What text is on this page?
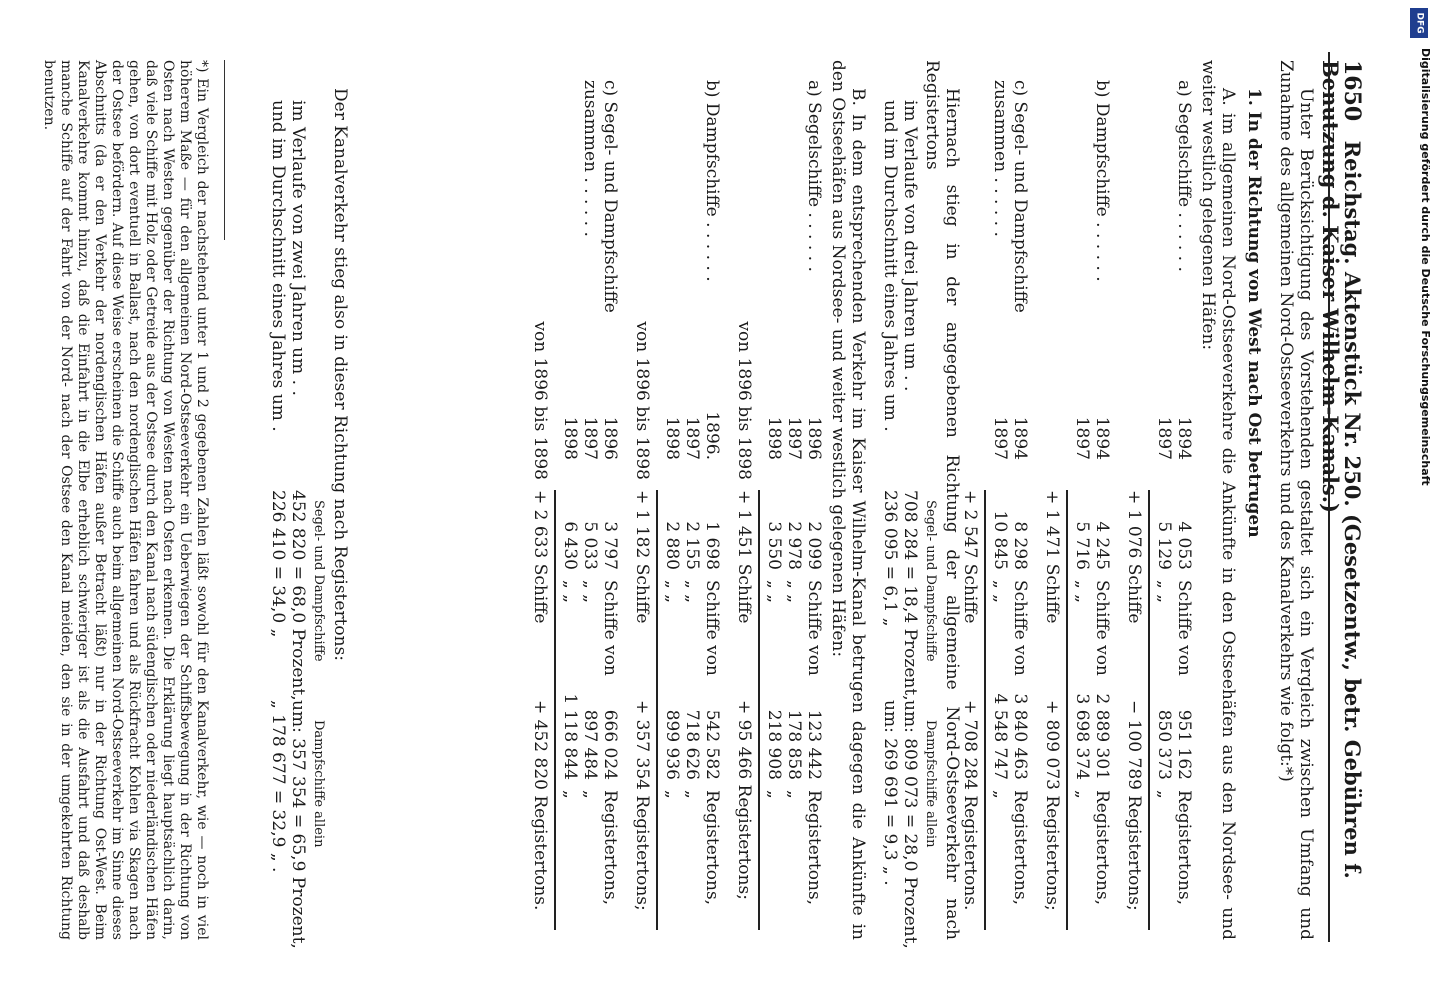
1650 Reichstag. Aktenstück Nr. 250. (Gesetzentw., betr. Gebühren f. Benutzung d. Kaiser Wilhelm-Kanals.)

Unter Berücksichtigung des Vorstehenden gestaltet sich ein Vergleich zwischen Umfang und Zunahme des allgemeinen Nord-Ostseeverkehrs und des Kanalverkehrs wie folgt:*)

1. In der Richtung von West nach Ost betrugen

A. im allgemeinen Nord-Ostseeverkehre die Ankünfte in den Ostseehäfen aus den Nordsee- und weiter westlich gelegenen Häfen:

a) Segelschiffe . . . . . .
1894
4 053
Schiffe von
951 162
Registertons,
1897
5 129
„ „
850 373
„
+ 1 076 Schiffe
− 100 789 Registertons;
b) Dampfschiffe . . . . . .
1894
4 245
Schiffe von
2 889 301
Registertons,
1897
5 716
„ „
3 698 374
„
+ 1 471 Schiffe
+ 809 073 Registertons;
c) Segel- und Dampfschiffe zusammen . . . . . .
1894
8 298
Schiffe von
3 840 463
Registertons,
1897
10 845
„ „
4 548 747
„
+ 2 547 Schiffe
+ 708 284 Registertons.

Hiernach stieg in der angegebenen Richtung der allgemeine Nord-Ostseeverkehr nach Registertons

Segel- und Dampfschiffe
Dampfschiffe allein
im Verlaufe von drei Jahren um . .
708 284 = 18,4 Prozent,
um: 809 073 = 28,0 Prozent,
und im Durchschnitt eines Jahres um .
236 095 = 6,1 „
um: 269 691 = 9,3 „ .

B. In dem entsprechenden Verkehr im Kaiser Wilhelm-Kanal betrugen dagegen die Ankünfte in den Ostseehäfen aus Nordsee- und weiter westlich gelegenen Häfen:

a) Segelschiffe . . . . . .
1896
2 099
Schiffe von
123 442
Registertons,
1897
2 978
„ „
178 858
„
1898
3 550
„ „
218 908
„
von 1896 bis 1898
+ 1 451 Schiffe
+ 95 466 Registertons;
b) Dampfschiffe . . . . . .
1896.
1 698
Schiffe von
542 582
Registertons,
1897
2 155
„ „
718 626
„
1898
2 880
„ „
899 936
„
von 1896 bis 1898
+ 1 182 Schiffe
+ 357 354 Registertons;
c) Segel- und Dampfschiffe zusammen . . . . . .
1896
3 797
Schiffe von
666 024
Registertons,
1897
5 033
„ „
897 484
„
1898
6 430
„ „
1 118 844
„
von 1896 bis 1898
+ 2 633 Schiffe
+ 452 820 Registertons.

Der Kanalverkehr stieg also in dieser Richtung nach Registertons:

Segel- und Dampfschiffe
Dampfschiffe allein
im Verlaufe von zwei Jahren um . .
452 820 = 68,0 Prozent,
um: 357 354 = 65,9 Prozent,
und im Durchschnitt eines Jahres um .
226 410 = 34,0 „
„ 178 677 = 32,9 „ .
*) Ein Vergleich der nachstehend unter 1 und 2 gegebenen Zahlen läßt sowohl für den Kanalverkehr, wie — noch in viel höherem Maße — für den allgemeinen Nord-Ostseeverkehr ein Ueberwiegen der Schiffsbewegung in der Richtung von Osten nach Westen gegenüber der Richtung von Westen nach Osten erkennen. Die Erklärung liegt hauptsächlich darin, daß viele Schiffe mit Holz oder Getreide aus der Ostsee durch den Kanal nach südenglischen oder niederländischen Häfen gehen, von dort eventuell in Ballast, nach den nordenglischen Häfen fahren und als Rückfracht Kohlen via Skagen nach der Ostsee befördern. Auf diese Weise erscheinen die Schiffe auch beim allgemeinen Nord-Ostseeverkehr im Sinne dieses Abschnitts (da er den Verkehr der nordenglischen Häfen außer Betracht läßt) nur in der Richtung Ost-West. Beim Kanalverkehre kommt hinzu, daß die Einfahrt in die Elbe erheblich schwieriger ist als die Ausfahrt und daß deshalb manche Schiffe auf der Fahrt von der Nord- nach der Ostsee den Kanal meiden, den sie in der umgekehrten Richtung benutzen.
DFG
Digitalisierung gefördert durch die Deutsche Forschungsgemeinschaft
